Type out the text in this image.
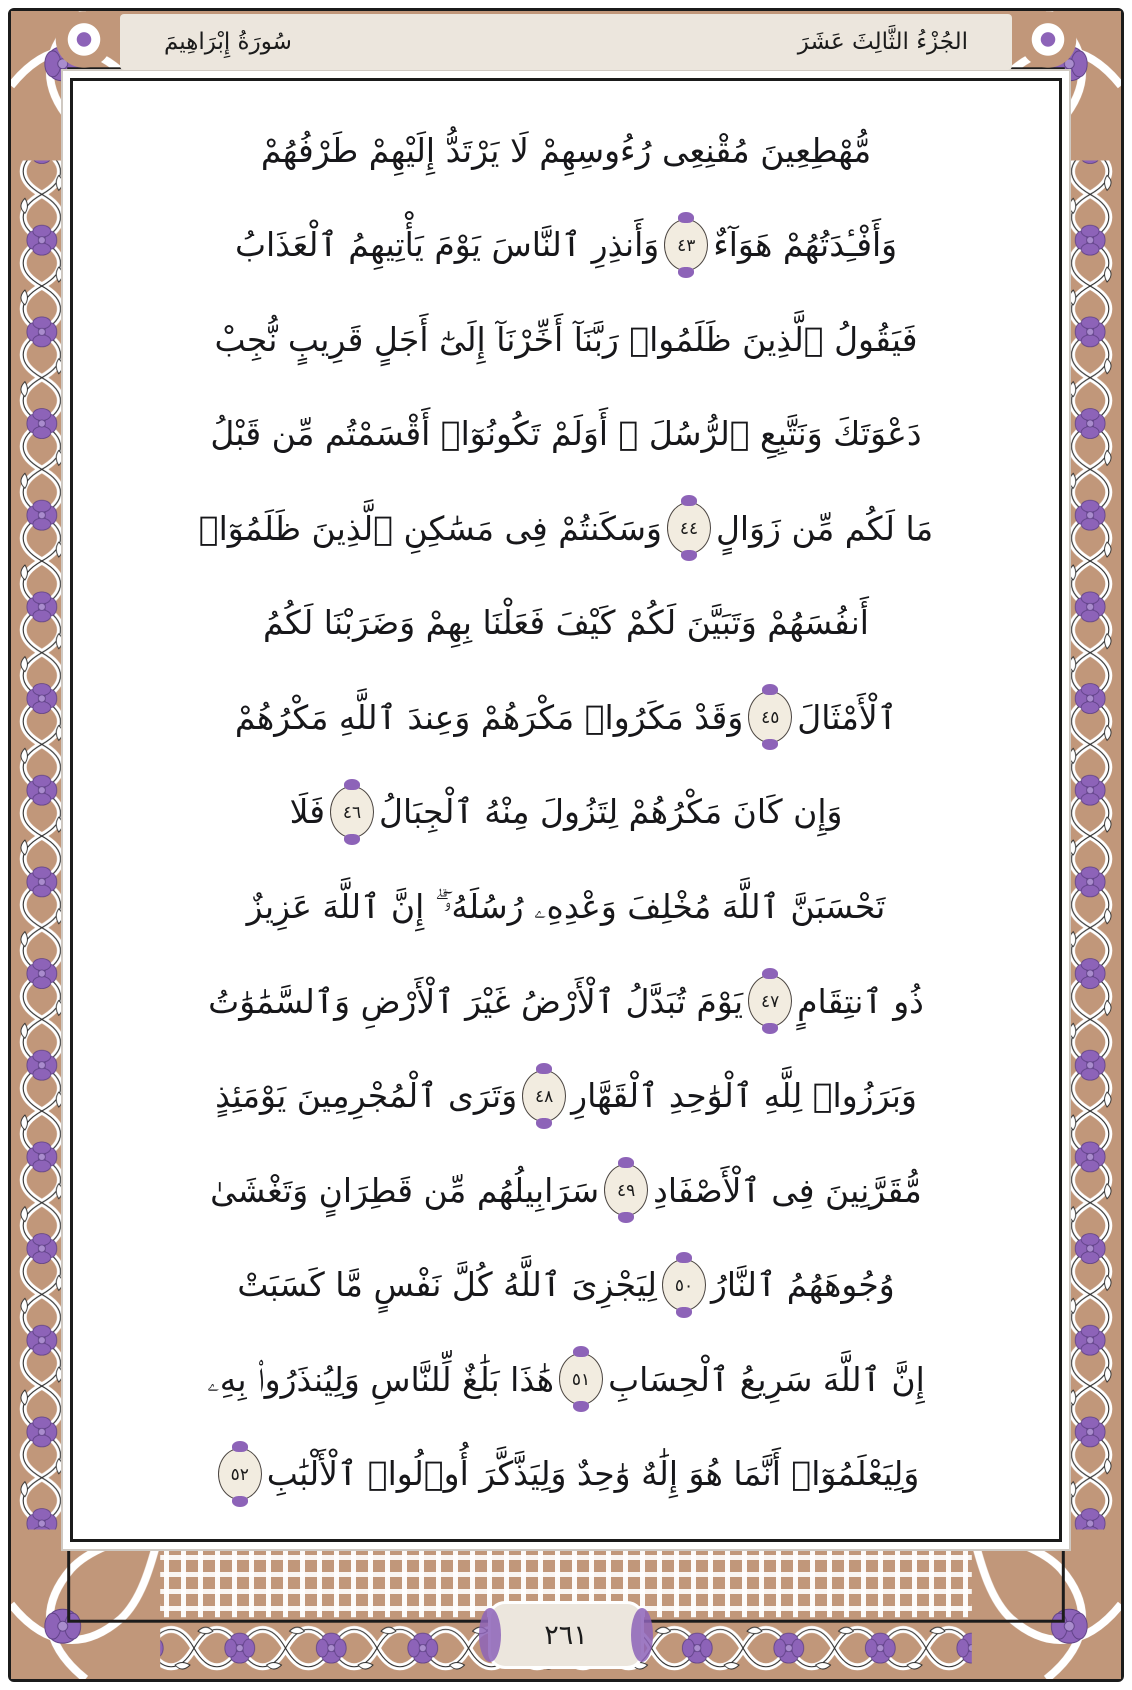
سُورَةُ إِبْرَاهِيمَ	الجُزْءُ الثَّالِثَ عَشَرَ
مُّهْطِعِينَ مُقْنِعِى رُءُوسِهِمْ لَا يَرْتَدُّ إِلَيْهِمْ طَرْفُهُمْ
وَأَفْـِٔدَتُهُمْ هَوَآءٌ
٤٣
وَأَنذِرِ ٱلنَّاسَ يَوْمَ يَأْتِيهِمُ ٱلْعَذَابُ
فَيَقُولُ ٱلَّذِينَ ظَلَمُوا۟ رَبَّنَآ أَخِّرْنَآ إِلَىٰٓ أَجَلٍ قَرِيبٍ نُّجِبْ
دَعْوَتَكَ وَنَتَّبِعِ ٱلرُّسُلَ ۗ أَوَلَمْ تَكُونُوٓا۟ أَقْسَمْتُم مِّن قَبْلُ
مَا لَكُم مِّن زَوَالٍ
٤٤
وَسَكَنتُمْ فِى مَسَٰكِنِ ٱلَّذِينَ ظَلَمُوٓا۟
أَنفُسَهُمْ وَتَبَيَّنَ لَكُمْ كَيْفَ فَعَلْنَا بِهِمْ وَضَرَبْنَا لَكُمُ
ٱلْأَمْثَالَ
٤٥
وَقَدْ مَكَرُوا۟ مَكْرَهُمْ وَعِندَ ٱللَّهِ مَكْرُهُمْ
وَإِن كَانَ مَكْرُهُمْ لِتَزُولَ مِنْهُ ٱلْجِبَالُ
٤٦
فَلَا
تَحْسَبَنَّ ٱللَّهَ مُخْلِفَ وَعْدِهِۦ رُسُلَهُۥٓ ۗ إِنَّ ٱللَّهَ عَزِيزٌ
ذُو ٱنتِقَامٍ
٤٧
يَوْمَ تُبَدَّلُ ٱلْأَرْضُ غَيْرَ ٱلْأَرْضِ وَٱلسَّمَٰوَٰتُ
وَبَرَزُوا۟ لِلَّهِ ٱلْوَٰحِدِ ٱلْقَهَّارِ
٤٨
وَتَرَى ٱلْمُجْرِمِينَ يَوْمَئِذٍ
مُّقَرَّنِينَ فِى ٱلْأَصْفَادِ
٤٩
سَرَابِيلُهُم مِّن قَطِرَانٍ وَتَغْشَىٰ
وُجُوهَهُمُ ٱلنَّارُ
٥٠
لِيَجْزِىَ ٱللَّهُ كُلَّ نَفْسٍ مَّا كَسَبَتْ
إِنَّ ٱللَّهَ سَرِيعُ ٱلْحِسَابِ
٥١
هَٰذَا بَلَٰغٌ لِّلنَّاسِ وَلِيُنذَرُوا۟ بِهِۦ
وَلِيَعْلَمُوٓا۟ أَنَّمَا هُوَ إِلَٰهٌ وَٰحِدٌ وَلِيَذَّكَّرَ أُو۟لُوا۟ ٱلْأَلْبَٰبِ
٥٢
٢٦١
